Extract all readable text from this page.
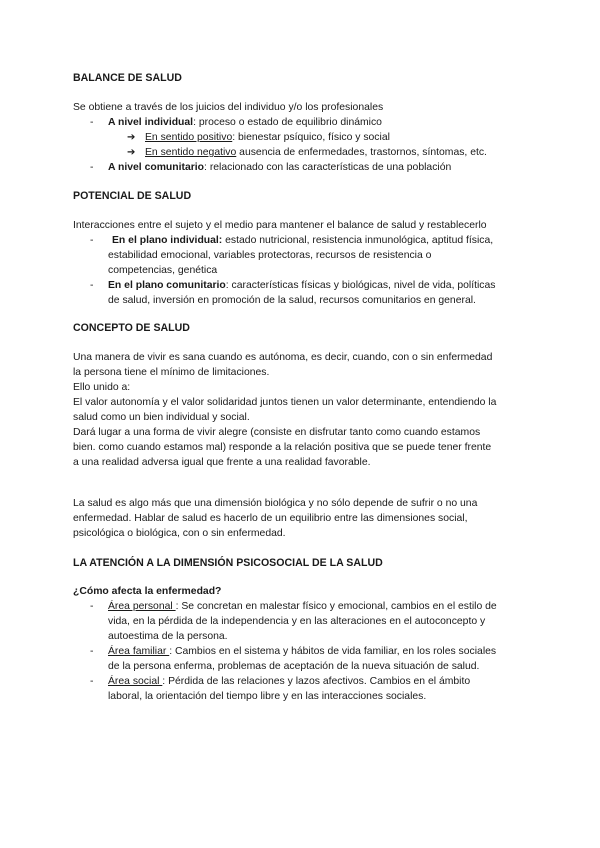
BALANCE DE SALUD
Se obtiene a través de los juicios del individuo y/o los profesionales
- A nivel individual: proceso o estado de equilibrio dinámico
➔ En sentido positivo: bienestar psíquico, físico y social
➔ En sentido negativo ausencia de enfermedades, trastornos, síntomas, etc.
- A nivel comunitario: relacionado con las características de una población
POTENCIAL DE SALUD
Interacciones entre el sujeto y el medio para mantener el balance de salud y restablecerlo
- En el plano individual: estado nutricional, resistencia inmunológica, aptitud física,
estabilidad emocional, variables protectoras, recursos de resistencia o
competencias, genética
- En el plano comunitario: características físicas y biológicas, nivel de vida, políticas
de salud, inversión en promoción de la salud, recursos comunitarios en general.
CONCEPTO DE SALUD
Una manera de vivir es sana cuando es autónoma, es decir, cuando, con o sin enfermedad
la persona tiene el mínimo de limitaciones.
Ello unido a:
El valor autonomía y el valor solidaridad juntos tienen un valor determinante, entendiendo la
salud como un bien individual y social.
Dará lugar a una forma de vivir alegre (consiste en disfrutar tanto como cuando estamos
bien. como cuando estamos mal) responde a la relación positiva que se puede tener frente
a una realidad adversa igual que frente a una realidad favorable.
La salud es algo más que una dimensión biológica y no sólo depende de sufrir o no una
enfermedad. Hablar de salud es hacerlo de un equilibrio entre las dimensiones social,
psicológica o biológica, con o sin enfermedad.
LA ATENCIÓN A LA DIMENSIÓN PSICOSOCIAL DE LA SALUD
¿Cómo afecta la enfermedad?
- Área personal : Se concretan en malestar físico y emocional, cambios en el estilo de
vida, en la pérdida de la independencia y en las alteraciones en el autoconcepto y
autoestima de la persona.
- Área familiar : Cambios en el sistema y hábitos de vida familiar, en los roles sociales
de la persona enferma, problemas de aceptación de la nueva situación de salud.
- Área social : Pérdida de las relaciones y lazos afectivos. Cambios en el ámbito
laboral, la orientación del tiempo libre y en las interacciones sociales.
